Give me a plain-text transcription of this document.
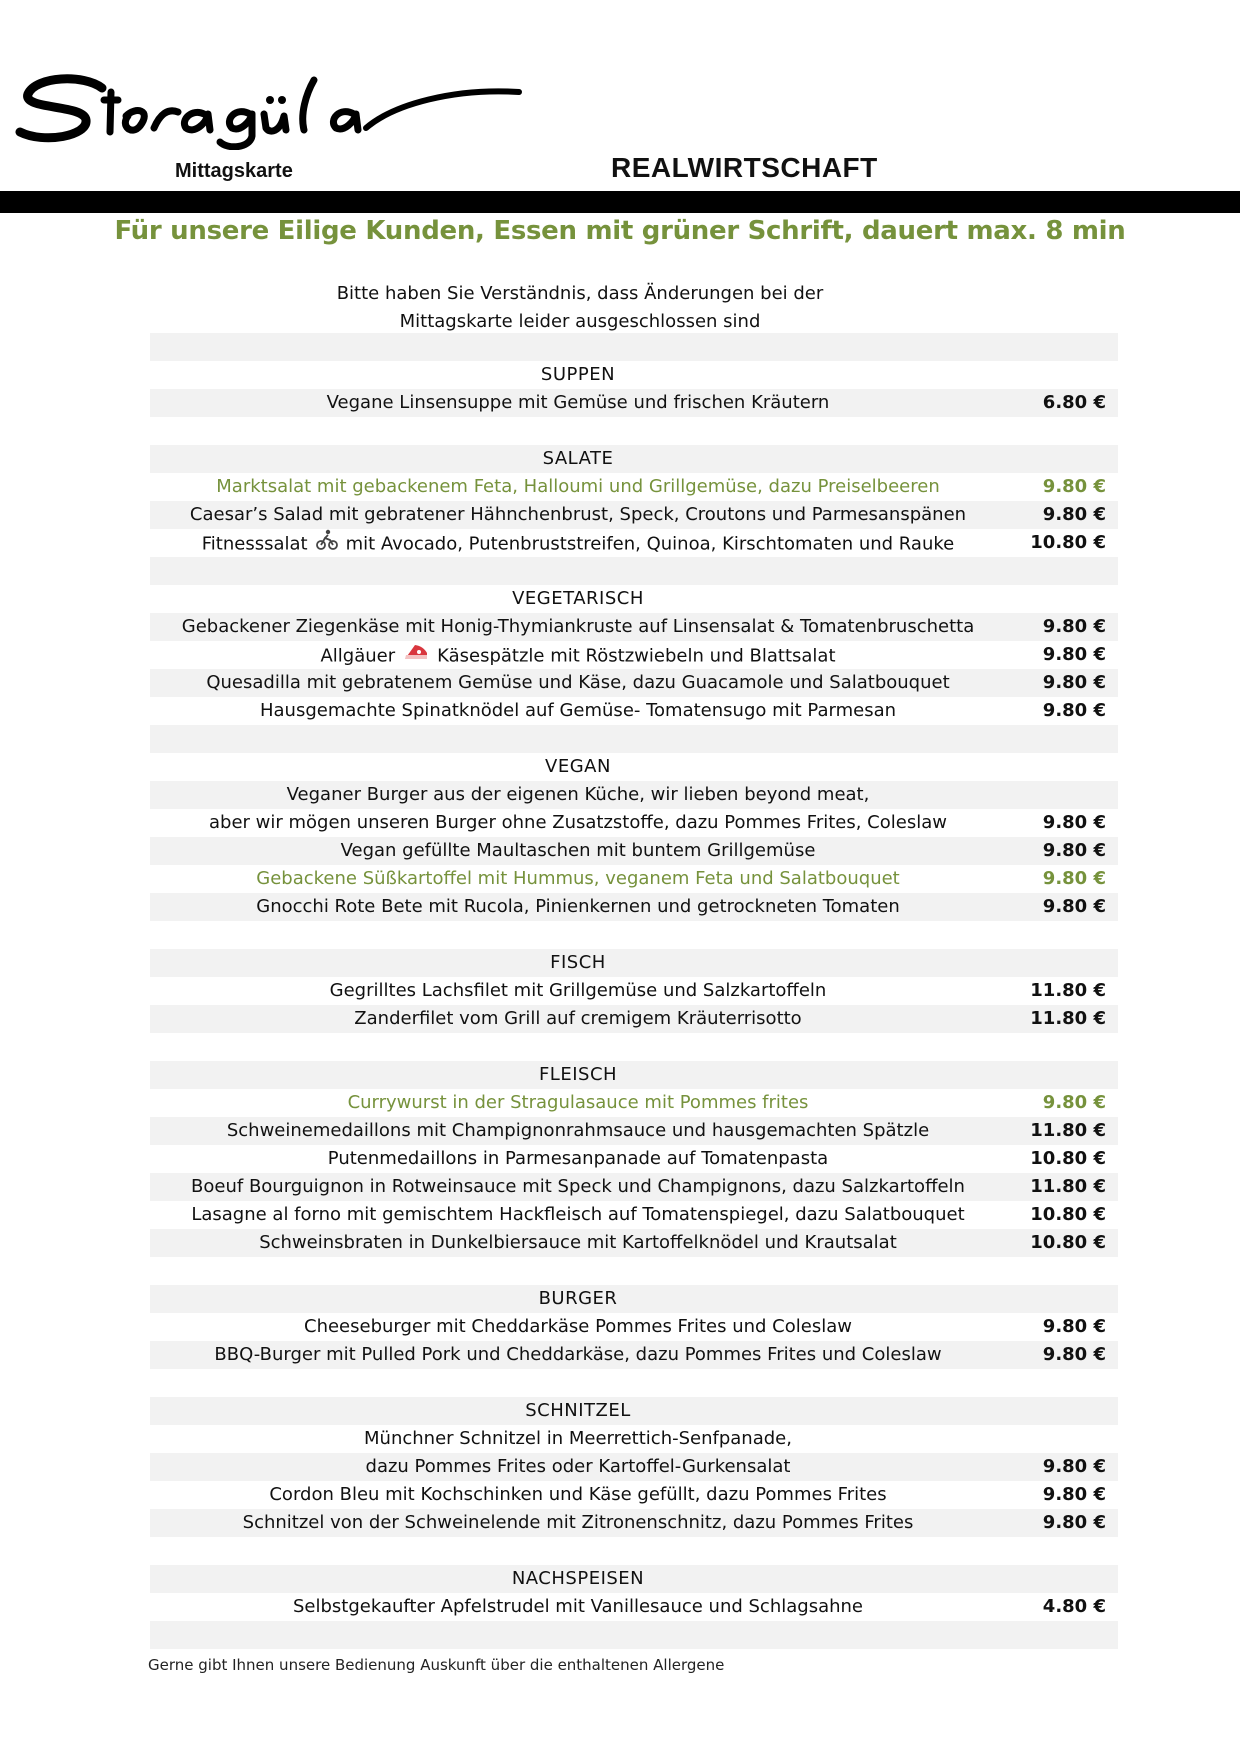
Mittagskarte	REALWIRTSCHAFT
Für unsere Eilige Kunden, Essen mit grüner Schrift, dauert max. 8 min
Bitte haben Sie Verständnis, dass Änderungen bei der
Mittagskarte leider ausgeschlossen sind
SUPPEN
Vegane Linsensuppe mit Gemüse und frischen Kräutern	6.80 €
SALATE
Marktsalat mit gebackenem Feta, Halloumi und Grillgemüse, dazu Preiselbeeren	9.80 €
Caesar’s Salad mit gebratener Hähnchenbrust, Speck, Croutons und Parmesanspänen	9.80 €
Fitnesssalat mit Avocado, Putenbruststreifen, Quinoa, Kirschtomaten und Rauke	10.80 €
VEGETARISCH
Gebackener Ziegenkäse mit Honig-Thymiankruste auf Linsensalat & Tomatenbruschetta	9.80 €
Allgäuer Käsespätzle mit Röstzwiebeln und Blattsalat	9.80 €
Quesadilla mit gebratenem Gemüse und Käse, dazu Guacamole und Salatbouquet	9.80 €
Hausgemachte Spinatknödel auf Gemüse- Tomatensugo mit Parmesan	9.80 €
VEGAN
Veganer Burger aus der eigenen Küche, wir lieben beyond meat,
aber wir mögen unseren Burger ohne Zusatzstoffe, dazu Pommes Frites, Coleslaw	9.80 €
Vegan gefüllte Maultaschen mit buntem Grillgemüse	9.80 €
Gebackene Süßkartoffel mit Hummus, veganem Feta und Salatbouquet	9.80 €
Gnocchi Rote Bete mit Rucola, Pinienkernen und getrockneten Tomaten	9.80 €
FISCH
Gegrilltes Lachsfilet mit Grillgemüse und Salzkartoffeln	11.80 €
Zanderfilet vom Grill auf cremigem Kräuterrisotto	11.80 €
FLEISCH
Currywurst in der Stragulasauce mit Pommes frites	9.80 €
Schweinemedaillons mit Champignonrahmsauce und hausgemachten Spätzle	11.80 €
Putenmedaillons in Parmesanpanade auf Tomatenpasta	10.80 €
Boeuf Bourguignon in Rotweinsauce mit Speck und Champignons, dazu Salzkartoffeln	11.80 €
Lasagne al forno mit gemischtem Hackfleisch auf Tomatenspiegel, dazu Salatbouquet	10.80 €
Schweinsbraten in Dunkelbiersauce mit Kartoffelknödel und Krautsalat	10.80 €
BURGER
Cheeseburger mit Cheddarkäse Pommes Frites und Coleslaw	9.80 €
BBQ-Burger mit Pulled Pork und Cheddarkäse, dazu Pommes Frites und Coleslaw	9.80 €
SCHNITZEL
Münchner Schnitzel in Meerrettich-Senfpanade,
dazu Pommes Frites oder Kartoffel-Gurkensalat	9.80 €
Cordon Bleu mit Kochschinken und Käse gefüllt, dazu Pommes Frites	9.80 €
Schnitzel von der Schweinelende mit Zitronenschnitz, dazu Pommes Frites	9.80 €
NACHSPEISEN
Selbstgekaufter Apfelstrudel mit Vanillesauce und Schlagsahne	4.80 €
Gerne gibt Ihnen unsere Bedienung Auskunft über die enthaltenen Allergene
